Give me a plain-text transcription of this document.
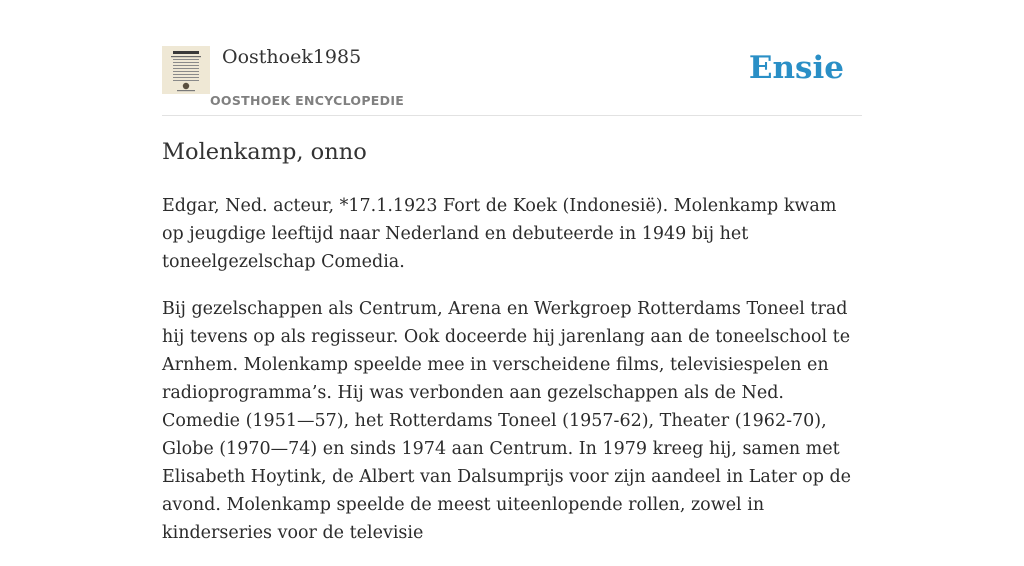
Oosthoek1985
OOSTHOEK ENCYCLOPEDIE
Ensie
Molenkamp, onno

Edgar, Ned. acteur, *17.1.1923 Fort de Koek (Indonesië). Molenkamp kwam op jeugdige leeftijd naar Nederland en debuteerde in 1949 bij het toneelgezelschap Comedia.

Bij gezelschappen als Centrum, Arena en Werkgroep Rotterdams Toneel trad hij tevens op als regisseur. Ook doceerde hij jarenlang aan de toneelschool te Arnhem. Molenkamp speelde mee in verscheidene films, televisiespelen en radioprogramma’s. Hij was verbonden aan gezelschappen als de Ned. Comedie (1951—57), het Rotterdams Toneel (1957-62), Theater (1962-70), Globe (1970—74) en sinds 1974 aan Centrum. In 1979 kreeg hij, samen met Elisabeth Hoytink, de Albert van Dalsumprijs voor zijn aandeel in Later op de avond. Molenkamp speelde de meest uiteenlopende rollen, zowel in kinderseries voor de televisie
